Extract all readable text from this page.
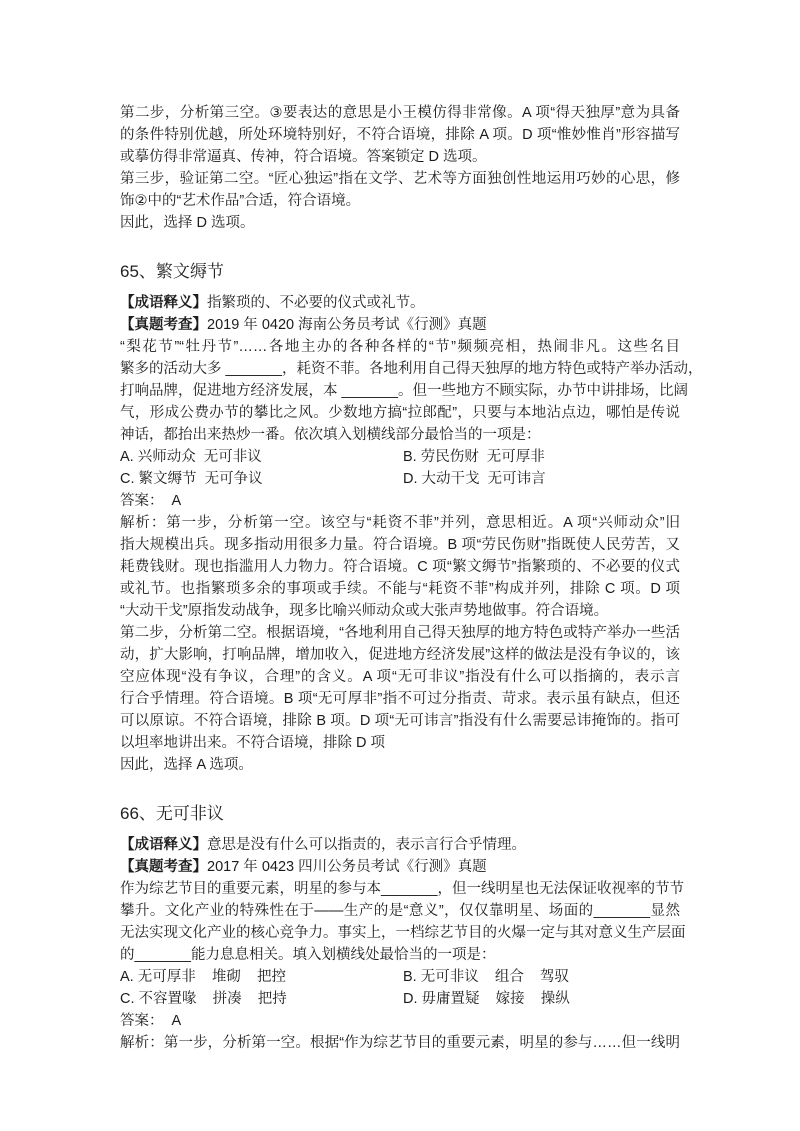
第二步，分析第三空。③要表达的意思是小王模仿得非常像。A 项“得天独厚”意为具备
的条件特别优越，所处环境特别好，不符合语境，排除 A 项。D 项“惟妙惟肖”形容描写
或摹仿得非常逼真、传神，符合语境。答案锁定 D 选项。
第三步，验证第二空。“匠心独运”指在文学、艺术等方面独创性地运用巧妙的心思，修
饰②中的“艺术作品”合适，符合语境。
因此，选择 D 选项。
65、繁文缛节
【成语释义】指繁琐的、不必要的仪式或礼节。
【真题考查】2019 年 0420 海南公务员考试《行测》真题
“梨花节”“牡丹节”……各地主办的各种各样的“节”频频亮相，热闹非凡。这些名目
繁多的活动大多 _______，耗资不菲。各地利用自己得天独厚的地方特色或特产举办活动，
打响品牌，促进地方经济发展，本 _______。但一些地方不顾实际，办节中讲排场，比阔
气，形成公费办节的攀比之风。少数地方搞“拉郎配”，只要与本地沾点边，哪怕是传说
神话，都抬出来热炒一番。依次填入划横线部分最恰当的一项是：
A. 兴师动众  无可非议	B. 劳民伤财  无可厚非
C. 繁文缛节  无可争议	D. 大动干戈  无可讳言
答案：  A
解析：第一步，分析第一空。该空与“耗资不菲”并列，意思相近。A 项“兴师动众”旧
指大规模出兵。现多指动用很多力量。符合语境。B 项“劳民伤财”指既使人民劳苦，又
耗费钱财。现也指滥用人力物力。符合语境。C 项“繁文缛节”指繁琐的、不必要的仪式
或礼节。也指繁琐多余的事项或手续。不能与“耗资不菲”构成并列，排除 C 项。D 项
“大动干戈”原指发动战争，现多比喻兴师动众或大张声势地做事。符合语境。
第二步，分析第二空。根据语境，“各地利用自己得天独厚的地方特色或特产举办一些活
动，扩大影响，打响品牌，增加收入，促进地方经济发展”这样的做法是没有争议的，该
空应体现“没有争议，合理”的含义。A 项“无可非议”指没有什么可以指摘的，表示言
行合乎情理。符合语境。B 项“无可厚非”指不可过分指责、苛求。表示虽有缺点，但还
可以原谅。不符合语境，排除 B 项。D 项“无可讳言”指没有什么需要忌讳掩饰的。指可
以坦率地讲出来。不符合语境，排除 D 项
因此，选择 A 选项。
66、无可非议
【成语释义】意思是没有什么可以指责的，表示言行合乎情理。
【真题考查】2017 年 0423 四川公务员考试《行测》真题
作为综艺节目的重要元素，明星的参与本_______，但一线明星也无法保证收视率的节节
攀升。文化产业的特殊性在于——生产的是“意义”，仅仅靠明星、场面的_______显然
无法实现文化产业的核心竞争力。事实上，一档综艺节目的火爆一定与其对意义生产层面
的_______能力息息相关。填入划横线处最恰当的一项是：
A. 无可厚非    堆砌    把控	B. 无可非议    组合    驾驭
C. 不容置喙    拼凑    把持	D. 毋庸置疑    嫁接    操纵
答案：  A
解析：第一步，分析第一空。根据“作为综艺节目的重要元素，明星的参与……但一线明
